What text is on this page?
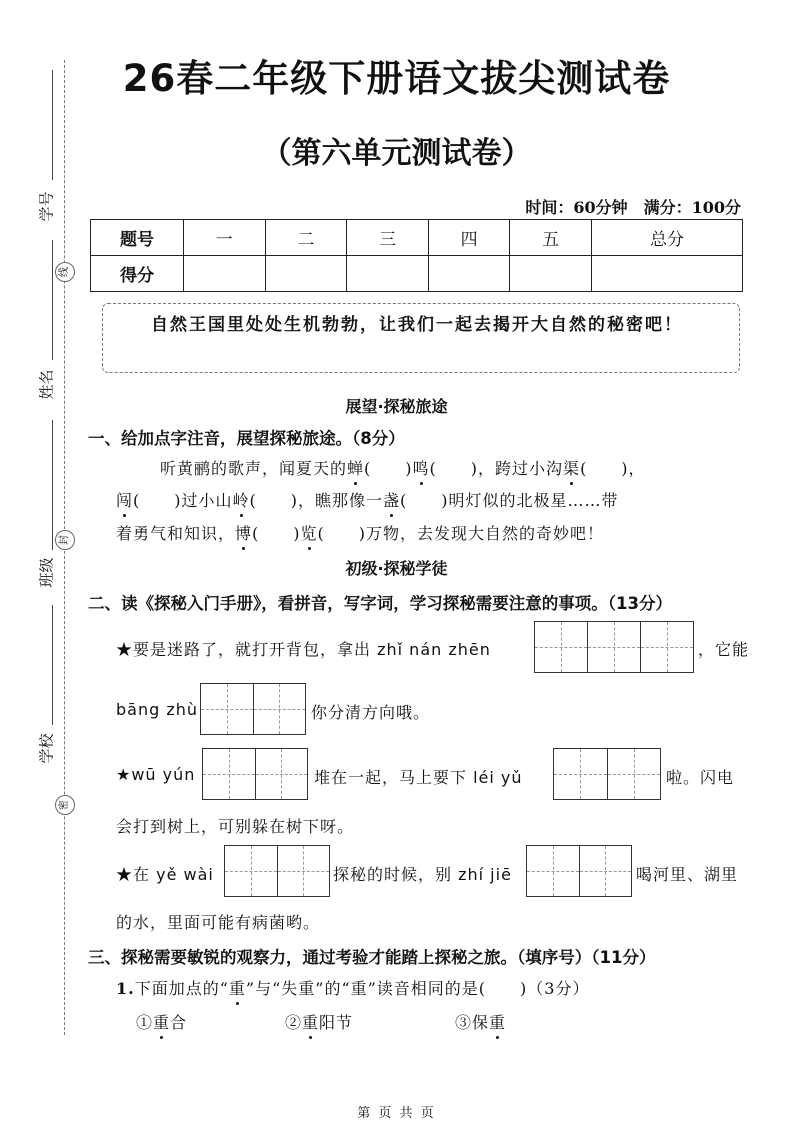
学号
线
姓名
封
班级
学校
密
26春二年级下册语文拔尖测试卷
（第六单元测试卷）
时间：60分钟　满分：100分
题号	一	二	三	四	五	总分
得分						
自然王国里处处生机勃勃，让我们一起去揭开大自然的秘密吧！
展望·探秘旅途
一、给加点字注音，展望探秘旅途。（8分）
听黄鹂的歌声，闻夏天的蝉(　　)鸣(　　)，跨过小沟渠(　　)，
闯(　　)过小山岭(　　)，瞧那像一盏(　　)明灯似的北极星……带
着勇气和知识，博(　　)览(　　)万物，去发现大自然的奇妙吧！
初级·探秘学徒
二、读《探秘入门手册》，看拼音，写字词，学习探秘需要注意的事项。（13分）
★要是迷路了，就打开背包，拿出 zhǐ nán zhēn	，它能
bāng zhù	你分清方向哦。
★wū yún	堆在一起，马上要下 léi yǔ	啦。闪电
会打到树上，可别躲在树下呀。
★在 yě wài	探秘的时候，别 zhí jiē	喝河里、湖里
的水，里面可能有病菌哟。
三、探秘需要敏锐的观察力，通过考验才能踏上探秘之旅。（填序号）（11分）
1.下面加点的“重”与“失重”的“重”读音相同的是(　　)（3分）
①重合	②重阳节	③保重
第 页 共 页
